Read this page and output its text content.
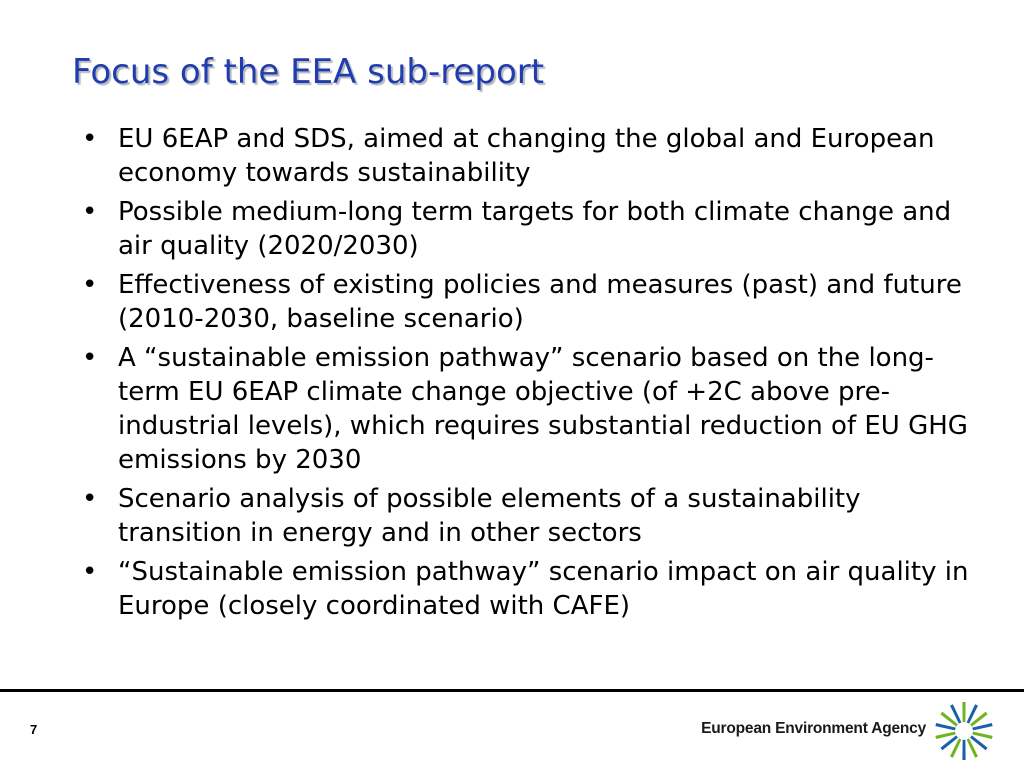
Focus of the EEA sub-report
• EU 6EAP and SDS, aimed at changing the global and European economy towards sustainability
• Possible medium-long term targets for both climate change and air quality (2020/2030)
• Effectiveness of existing policies and measures (past) and future (2010-2030, baseline scenario)
• A “sustainable emission pathway” scenario based on the long-term EU 6EAP climate change objective (of +2C above pre-industrial levels), which requires substantial reduction of EU GHG emissions by 2030
• Scenario analysis of possible elements of a sustainability transition in energy and in other sectors
• “Sustainable emission pathway” scenario impact on air quality in Europe (closely coordinated with CAFE)
7	European Environment Agency
